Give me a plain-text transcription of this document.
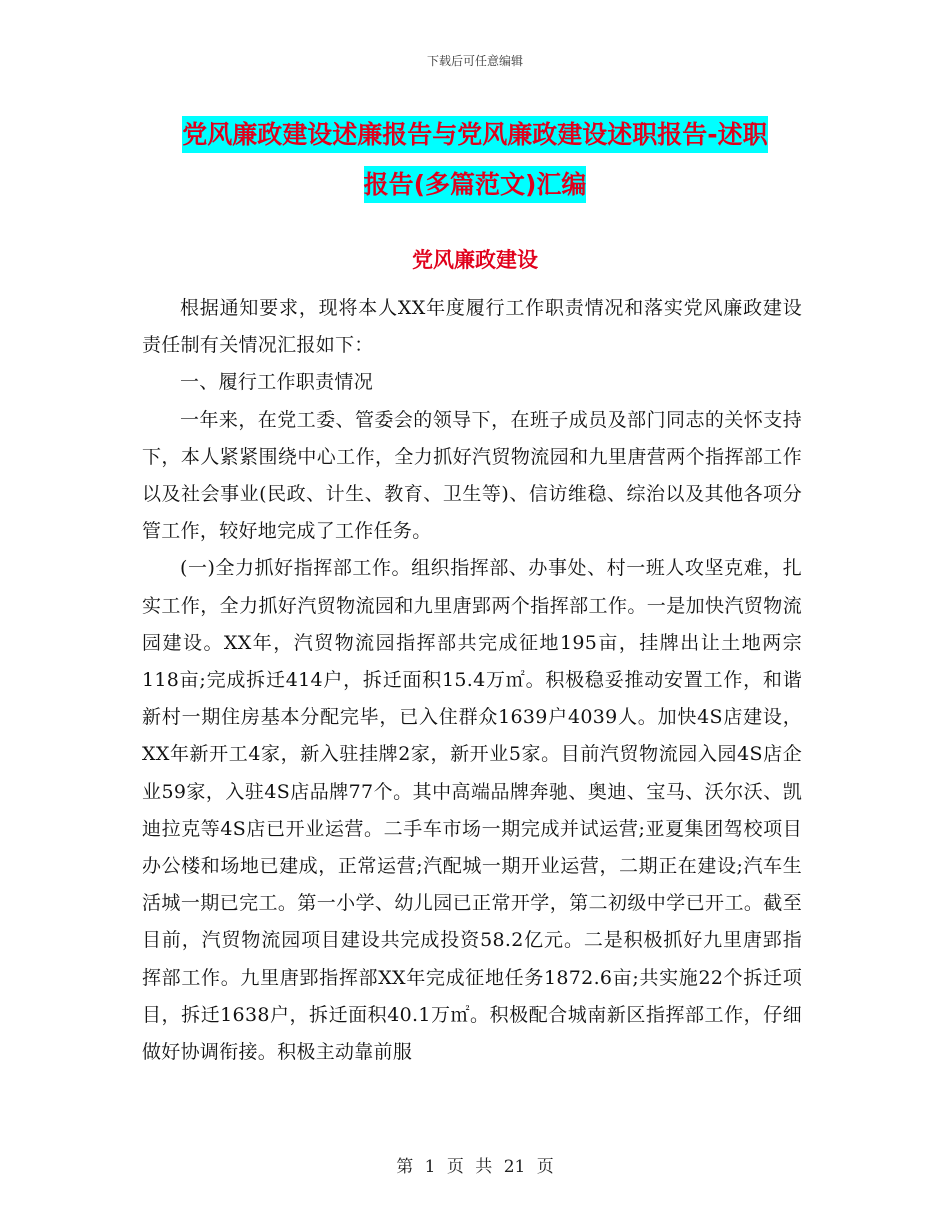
下载后可任意编辑
党风廉政建设述廉报告与党风廉政建设述职报告-述职
报告(多篇范文)汇编
党风廉政建设

根据通知要求，现将本人XX年度履行工作职责情况和落实党风廉政建设责任制有关情况汇报如下：

一、履行工作职责情况

一年来，在党工委、管委会的领导下，在班子成员及部门同志的关怀支持下，本人紧紧围绕中心工作，全力抓好汽贸物流园和九里唐营两个指挥部工作以及社会事业(民政、计生、教育、卫生等)、信访维稳、综治以及其他各项分管工作，较好地完成了工作任务。

(一)全力抓好指挥部工作。组织指挥部、办事处、村一班人攻坚克难，扎实工作，全力抓好汽贸物流园和九里唐郢两个指挥部工作。一是加快汽贸物流园建设。XX年，汽贸物流园指挥部共完成征地195亩，挂牌出让土地两宗118亩;完成拆迁414户，拆迁面积15.4万㎡。积极稳妥推动安置工作，和谐新村一期住房基本分配完毕，已入住群众1639户4039人。加快4S店建设，XX年新开工4家，新入驻挂牌2家，新开业5家。目前汽贸物流园入园4S店企业59家，入驻4S店品牌77个。其中高端品牌奔驰、奥迪、宝马、沃尔沃、凯迪拉克等4S店已开业运营。二手车市场一期完成并试运营;亚夏集团驾校项目办公楼和场地已建成，正常运营;汽配城一期开业运营，二期正在建设;汽车生活城一期已完工。第一小学、幼儿园已正常开学，第二初级中学已开工。截至目前，汽贸物流园项目建设共完成投资58.2亿元。二是积极抓好九里唐郢指挥部工作。九里唐郢指挥部XX年完成征地任务1872.6亩;共实施22个拆迁项目，拆迁1638户，拆迁面积40.1万㎡。积极配合城南新区指挥部工作，仔细做好协调衔接。积极主动靠前服

第 1 页 共 21 页
